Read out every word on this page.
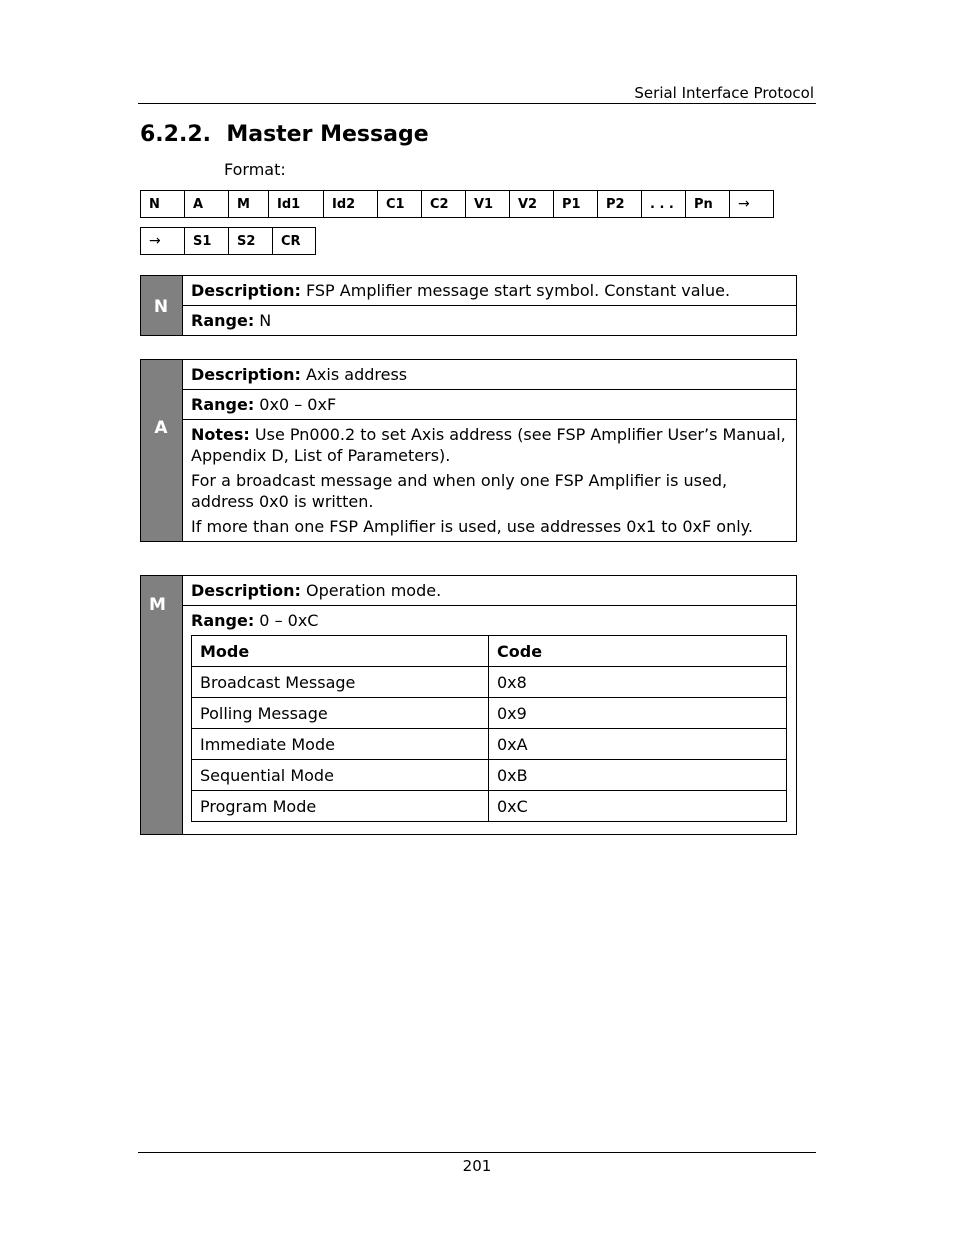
Serial Interface Protocol
6.2.2. Master Message
Format:
N	A	M	Id1	Id2	C1	C2	V1	V2	P1	P2	. . .	Pn	→
→	S1	S2	CR
N
Description: FSP Amplifier message start symbol. Constant value.
Range: N
A
Description: Axis address
Range: 0x0 – 0xF

Notes: Use Pn000.2 to set Axis address (see FSP Amplifier User’s Manual, Appendix D, List of Parameters).

For a broadcast message and when only one FSP Amplifier is used, address 0x0 is written.

If more than one FSP Amplifier is used, use addresses 0x1 to 0xF only.

M
Description: Operation mode.
Range: 0 – 0xC
Mode	Code
Broadcast Message	0x8
Polling Message	0x9
Immediate Mode	0xA
Sequential Mode	0xB
Program Mode	0xC
201
